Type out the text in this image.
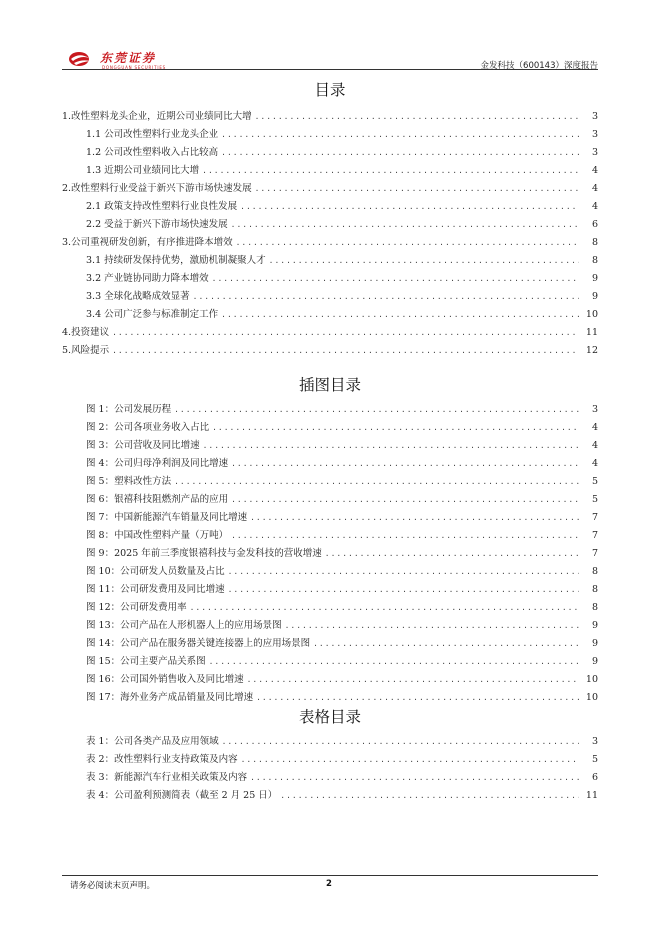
东莞证券
DONGGUAN SECURITIES	金发科技（600143）深度报告
目录
1.改性塑料龙头企业，近期公司业绩同比大增 .....	3
1.1 公司改性塑料行业龙头企业 .....	3
1.2 公司改性塑料收入占比较高 .....	3
1.3 近期公司业绩同比大增 .....	4
2.改性塑料行业受益于新兴下游市场快速发展 .....	4
2.1 政策支持改性塑料行业良性发展 .....	4
2.2 受益于新兴下游市场快速发展 .....	6
3.公司重视研发创新，有序推进降本增效 .....	8
3.1 持续研发保持优势，激励机制凝聚人才 .....	8
3.2 产业链协同助力降本增效 .....	9
3.3 全球化战略成效显著 .....	9
3.4 公司广泛参与标准制定工作 .....	10
4.投资建议 .....	11
5.风险提示 .....	12
插图目录
图 1：公司发展历程 .....	3
图 2：公司各项业务收入占比 .....	4
图 3：公司营收及同比增速 .....	4
图 4：公司归母净利润及同比增速 .....	4
图 5：塑料改性方法 .....	5
图 6：银禧科技阻燃剂产品的应用 .....	5
图 7：中国新能源汽车销量及同比增速 .....	7
图 8：中国改性塑料产量（万吨） .....	7
图 9：2025 年前三季度银禧科技与金发科技的营收增速 .....	7
图 10：公司研发人员数量及占比 .....	8
图 11：公司研发费用及同比增速 .....	8
图 12：公司研发费用率 .....	8
图 13：公司产品在人形机器人上的应用场景图 .....	9
图 14：公司产品在服务器关键连接器上的应用场景图 .....	9
图 15：公司主要产品关系图 .....	9
图 16：公司国外销售收入及同比增速 .....	10
图 17：海外业务产成品销量及同比增速 .....	10
表格目录
表 1：公司各类产品及应用领域 .....	3
表 2：改性塑料行业支持政策及内容 .....	5
表 3：新能源汽车行业相关政策及内容 .....	6
表 4：公司盈利预测简表（截至 2 月 25 日） .....	11
请务必阅读末页声明。	2
